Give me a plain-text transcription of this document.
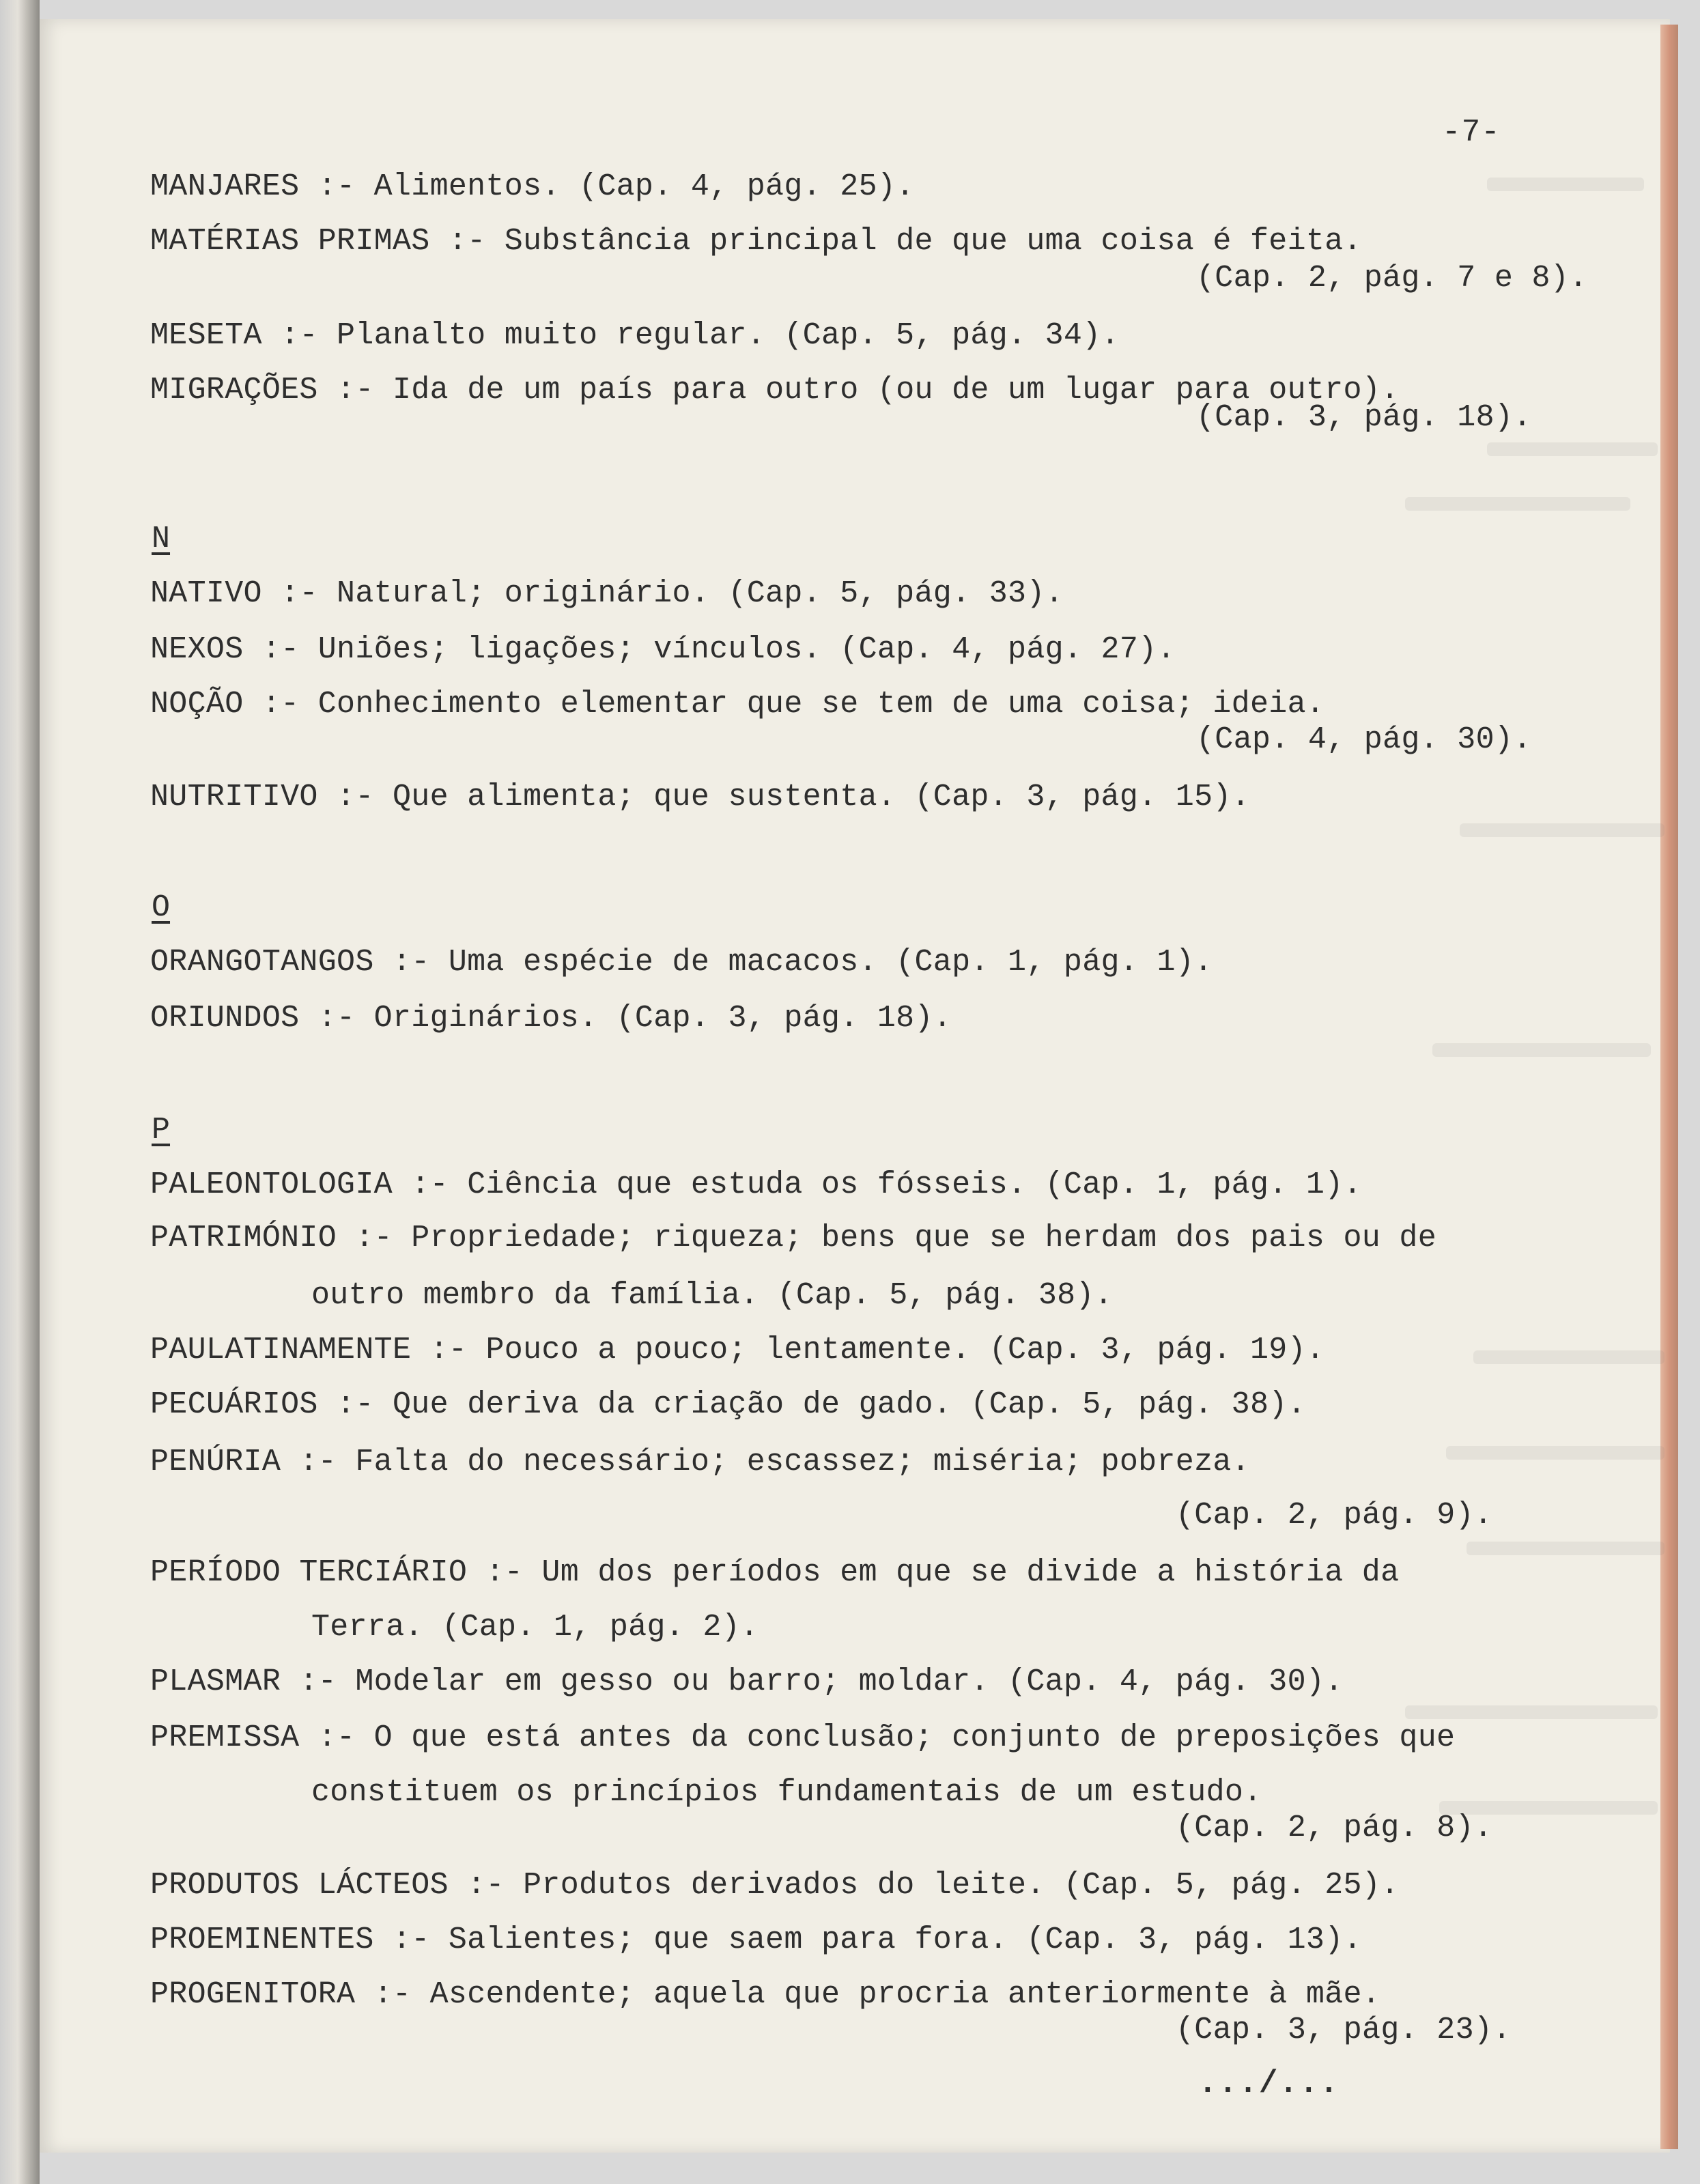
-7-
MANJARES :- Alimentos. (Cap. 4, pág. 25).
MATÉRIAS PRIMAS :- Substância principal de que uma coisa é feita.
(Cap. 2, pág. 7 e 8).
MESETA :- Planalto muito regular. (Cap. 5, pág. 34).
MIGRAÇÕES :- Ida de um país para outro (ou de um lugar para outro).
(Cap. 3, pág. 18).
N
NATIVO :- Natural; originário. (Cap. 5, pág. 33).
NEXOS :- Uniões; ligações; vínculos. (Cap. 4, pág. 27).
NOÇÃO :- Conhecimento elementar que se tem de uma coisa; ideia.
(Cap. 4, pág. 30).
NUTRITIVO :- Que alimenta; que sustenta. (Cap. 3, pág. 15).
O
ORANGOTANGOS :- Uma espécie de macacos. (Cap. 1, pág. 1).
ORIUNDOS :- Originários. (Cap. 3, pág. 18).
P
PALEONTOLOGIA :- Ciência que estuda os fósseis. (Cap. 1, pág. 1).
PATRIMÓNIO :- Propriedade; riqueza; bens que se herdam dos pais ou de
outro membro da família. (Cap. 5, pág. 38).
PAULATINAMENTE :- Pouco a pouco; lentamente. (Cap. 3, pág. 19).
PECUÁRIOS :- Que deriva da criação de gado. (Cap. 5, pág. 38).
PENÚRIA :- Falta do necessário; escassez; miséria; pobreza.
(Cap. 2, pág. 9).
PERÍODO TERCIÁRIO :- Um dos períodos em que se divide a história da
Terra. (Cap. 1, pág. 2).
PLASMAR :- Modelar em gesso ou barro; moldar. (Cap. 4, pág. 30).
PREMISSA :- O que está antes da conclusão; conjunto de preposições que
constituem os princípios fundamentais de um estudo.
(Cap. 2, pág. 8).
PRODUTOS LÁCTEOS :- Produtos derivados do leite. (Cap. 5, pág. 25).
PROEMINENTES :- Salientes; que saem para fora. (Cap. 3, pág. 13).
PROGENITORA :- Ascendente; aquela que procria anteriormente à mãe.
(Cap. 3, pág. 23).
.../...
